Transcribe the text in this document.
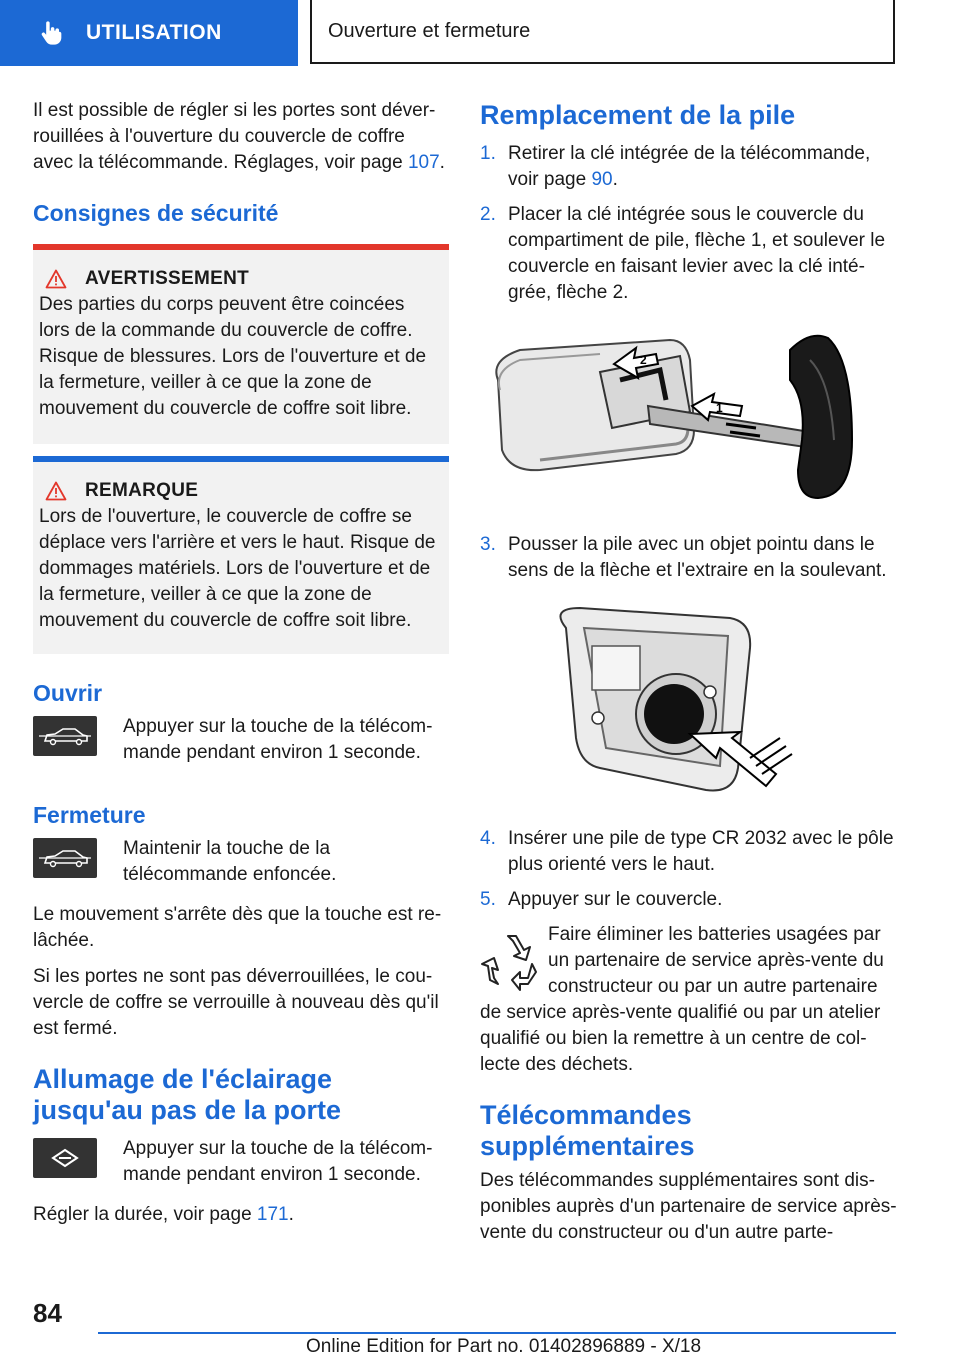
UTILISATION	Ouverture et fermeture

Il est possible de régler si les portes sont déverrouillées à l'ouverture du couvercle de coffre avec la télécommande. Réglages, voir page 107.

Consignes de sécurité
AVERTISSEMENT

Des parties du corps peuvent être coincées lors de la commande du couvercle de coffre. Risque de blessures. Lors de l'ouverture et de la fermeture, veiller à ce que la zone de mouvement du couvercle de coffre soit libre.

REMARQUE

Lors de l'ouverture, le couvercle de coffre se déplace vers l'arrière et vers le haut. Risque de dommages matériels. Lors de l'ouverture et de la fermeture, veiller à ce que la zone de mouvement du couvercle de coffre soit libre.

Ouvrir

Appuyer sur la touche de la télécommande pendant environ 1 seconde.

Fermeture

Maintenir la touche de la télécommande enfoncée.

Le mouvement s'arrête dès que la touche est relâchée.

Si les portes ne sont pas déverrouillées, le couvercle de coffre se verrouille à nouveau dès qu'il est fermé.

Allumage de l'éclairage jusqu'au pas de la porte

Appuyer sur la touche de la télécommande pendant environ 1 seconde.

Régler la durée, voir page 171.

Remplacement de la pile
1. Retirer la clé intégrée de la télécommande, voir page 90.
2. Placer la clé intégrée sous le couvercle du compartiment de pile, flèche 1, et soulever le couvercle en faisant levier avec la clé intégrée, flèche 2.
2
1
3. Pousser la pile avec un objet pointu dans le sens de la flèche et l'extraire en la soulevant.
4. Insérer une pile de type CR 2032 avec le pôle plus orienté vers le haut.
5. Appuyer sur le couvercle.

Faire éliminer les batteries usagées par un partenaire de service après-vente du constructeur ou par un autre partenaire de service après-vente qualifié ou par un atelier qualifié ou bien la remettre à un centre de collecte des déchets.

Télécommandes supplémentaires

Des télécommandes supplémentaires sont disponibles auprès d'un partenaire de service après-vente du constructeur ou d'un autre parte-

84
Online Edition for Part no. 01402896889 - X/18
